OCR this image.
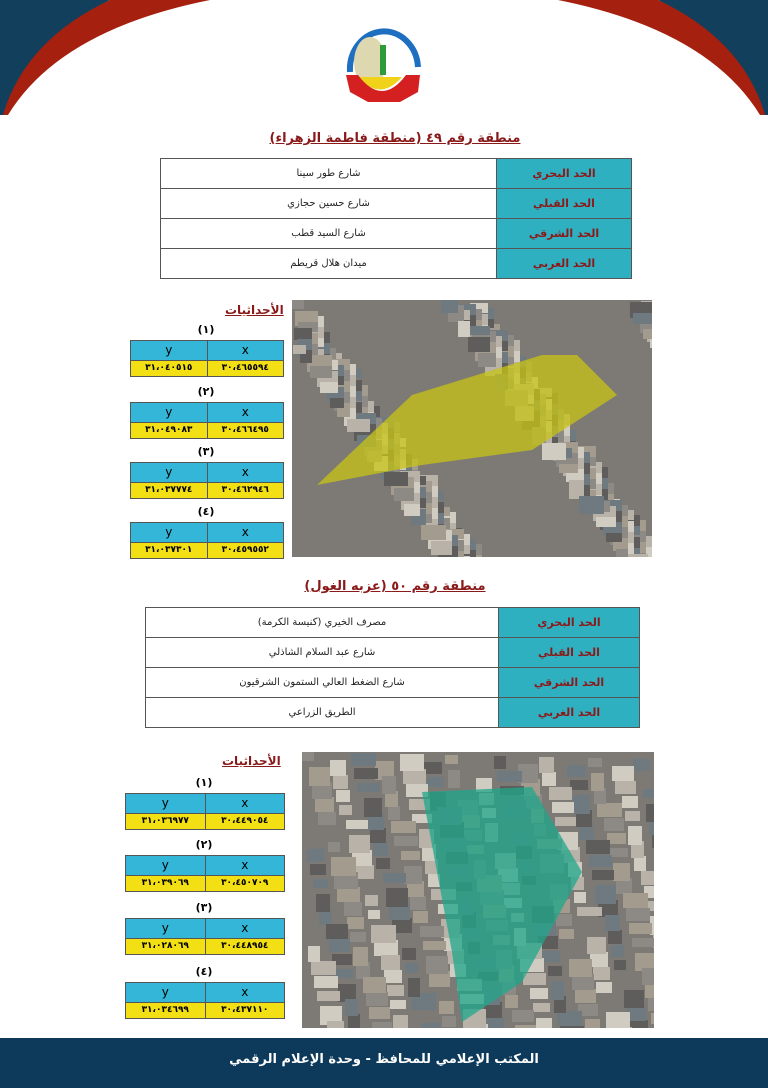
منطقة رقم ٤٩ (منطقة فاطمة الزهراء)
الحد البحري	شارع طور سينا
الحد القبلي	شارع حسين حجازي
الحد الشرقي	شارع السيد قطب
الحد الغربي	ميدان هلال قريطم
الأحداثيات
(١)
y	x
٣١،٠٤٠٥١٥	٣٠،٤٦٥٥٩٤
(٢)
y	x
٣١،٠٤٩٠٨٣	٣٠،٤٦٦٤٩٥
(٣)
y	x
٣١،٠٣٧٧٧٤	٣٠،٤٦٢٩٤٦
(٤)
y	x
٣١،٠٣٧٣٠١	٣٠،٤٥٩٥٥٢
منطقة رقم ٥٠ (عزبه الغول)
الحد البحري	مصرف الخيري (كنيسة الكرمة)
الحد القبلي	شارع عبد السلام الشاذلي
الحد الشرقي	شارع الضغط العالي الستمون الشرقيون
الحد الغربي	الطريق الزراعي
الأحداثيات
(١)
y	x
٣١،٠٣٦٩٧٧	٣٠،٤٤٩٠٥٤
(٢)
y	x
٣١،٠٣٩٠٦٩	٣٠،٤٥٠٧٠٩
(٣)
y	x
٣١،٠٢٨٠٦٩	٣٠،٤٤٨٩٥٤
(٤)
y	x
٣١،٠٣٤٦٩٩	٣٠،٤٣٧١١٠
المكتب الإعلامي للمحافظ - وحدة الإعلام الرقمي
